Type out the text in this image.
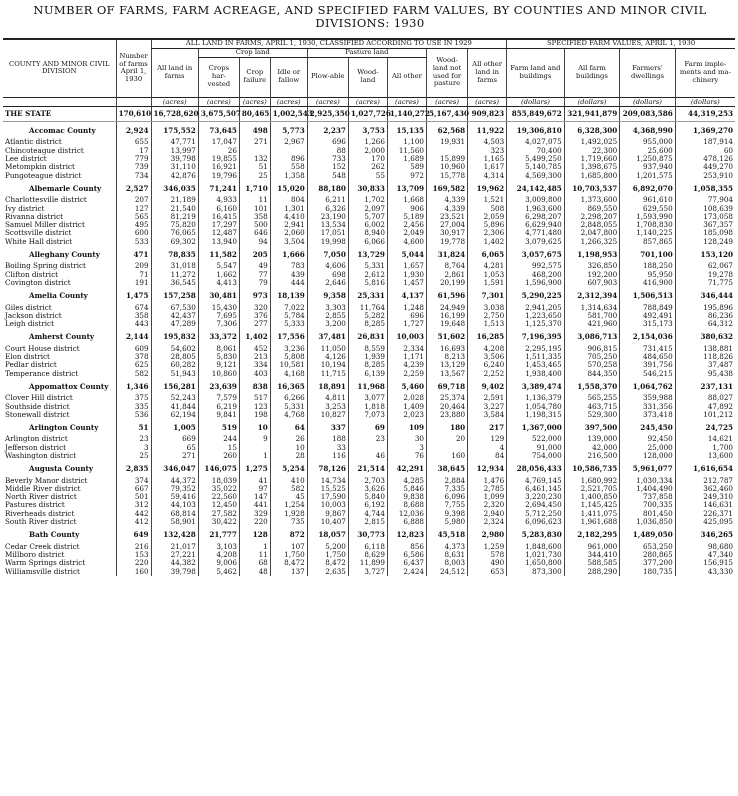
NUMBER OF FARMS, FARM ACREAGE, AND SPECIFIED FARM VALUES, BY COUNTIES AND MINOR CIVIL DIVISIONS: 1930
COUNTY AND MINOR CIVIL DIVISION	Number of farms April 1, 1930	ALL LAND IN FARMS, APRIL 1, 1930, CLASSIFIED ACCORDING TO USE IN 1929									SPECIFIED FARM VALUES, APRIL 1, 1930			
		All land in farms	Crop land			Pasture land			Wood-land not used for pasture	All other land in farms	Farm land and buildings	All farm buildings	Farmers' dwellings	Farm imple-ments and ma-chinery
			Crops har-vested	Crop failure	Idle or fallow	Plow-able	Wood-land	All other						
		(acres)	(acres)	(acres)	(acres)	(acres)	(acres)	(acres)	(acres)	(acres)	(dollars)	(dollars)	(dollars)	(dollars)
THE STATE	170,610	16,728,620	3,675,507	80,465	1,002,543	2,925,350	1,027,726	1,140,272	5,167,430	909,823	855,849,672	321,941,879	209,083,586	44,319,253
Accomac County	2,924	175,552	73,645	498	5,773	2,237	3,753	15,135	62,568	11,922	19,306,810	6,328,300	4,368,990	1,369,270
Atlantic district	655	47,771	17,047	271	2,967	696	1,266	1,100	19,931	4,503	4,027,075	1,492,025	955,000	187,914
Chincoteague district	17	13,997	26			88	2,000	11,560		323	70,400	22,300	25,600	60
Lee district	779	39,798	19,855	132	896	733	170	1,689	15,899	1,165	5,499,250	1,719,660	1,250,875	478,126
Metompkin district	739	31,110	16,921	51	558	152	262	589	10,960	1,617	5,140,785	1,398,675	937,940	449,270
Pungoteague district	734	42,876	19,796	25	1,358	548	55	972	15,778	4,314	4,569,300	1,685,800	1,201,575	253,910
Albemarle County	2,527	346,035	71,241	1,710	15,020	88,180	30,833	13,709	169,582	19,962	24,142,485	10,703,537	6,892,070	1,058,355
Charlottesville district	207	21,189	4,933	11	804	6,211	1,702	1,668	4,339	1,521	3,009,800	1,373,600	961,610	77,904
Ivy district	127	21,540	6,160	101	1,301	6,326	2,097	906	4,339	508	1,963,600	869,550	629,550	108,639
Rivanna district	565	81,219	16,415	358	4,410	23,190	5,707	5,189	23,521	2,059	6,298,207	2,298,207	1,593,990	173,058
Samuel Miller district	495	75,820	17,297	500	2,941	13,534	6,002	2,456	27,004	5,896	6,629,940	2,848,055	1,708,830	367,357
Scottsville district	600	76,065	12,487	646	2,060	17,051	8,940	2,049	30,917	2,306	4,771,480	2,047,800	1,140,225	185,098
White Hall district	533	69,302	13,940	94	3,504	19,998	6,066	4,600	19,778	1,402	3,079,625	1,266,325	857,865	128,249
Alleghany County	471	78,835	11,582	205	1,666	7,050	13,729	5,044	31,824	6,065	3,057,675	1,198,953	701,100	153,120
Boiling Spring district	209	31,018	5,547	49	783	4,606	5,331	1,657	8,764	4,281	992,575	326,850	188,250	62,067
Clifton district	71	11,272	1,662	77	439	698	2,612	1,930	2,861	1,053	468,200	192,200	95,950	19,278
Covington district	191	36,545	4,413	79	444	2,646	5,816	1,457	20,199	1,591	1,596,900	607,903	416,900	71,775
Amelia County	1,475	157,258	30,481	973	18,139	9,358	25,331	4,137	61,596	7,301	5,290,225	2,312,394	1,506,513	346,444
Giles district	674	67,530	15,430	320	7,022	3,303	11,764	1,248	24,949	3,038	2,941,205	1,314,634	788,849	195,896
Jackson district	358	42,437	7,695	376	5,784	2,855	5,282	696	16,199	2,750	1,223,650	581,700	492,491	86,236
Leigh district	443	47,289	7,306	277	5,333	3,200	8,285	1,727	19,648	1,513	1,125,370	421,960	315,173	64,312
Amherst County	2,144	195,832	33,372	1,402	17,556	37,481	26,831	10,003	51,602	16,285	7,196,395	3,086,713	2,154,036	380,632
Court House district	609	54,602	8,061	452	3,236	11,050	8,559	2,334	16,693	4,208	2,295,195	906,815	731,415	138,881
Elon district	378	28,805	5,830	213	5,808	4,126	1,939	1,171	8,213	3,506	1,511,335	705,250	484,650	118,826
Pedlar district	625	60,282	9,121	334	10,581	10,194	8,285	4,239	13,129	6,240	1,453,465	570,258	391,756	37,487
Temperance district	582	51,943	10,860	403	4,168	11,715	6,139	2,259	13,567	2,252	1,938,400	844,350	546,215	95,438
Appomattox County	1,346	156,281	23,639	838	16,365	18,891	11,968	5,460	69,718	9,402	3,389,474	1,558,370	1,064,762	237,131
Clover Hill district	375	52,243	7,579	517	6,266	4,811	3,077	2,028	25,374	2,591	1,136,379	565,255	359,988	88,027
Southside district	335	41,844	6,219	123	5,331	3,253	1,818	1,409	20,464	3,227	1,054,780	463,715	331,356	47,892
Stonewall district	536	62,194	9,841	198	4,768	10,827	7,073	2,023	23,880	3,584	1,198,315	529,300	373,418	101,212
Arlington County	51	1,005	519	10	64	337	69	109	180	217	1,367,000	397,500	245,450	24,725
Arlington district	23	669	244	9	26	188	23	30	20	129	522,000	139,000	92,450	14,621
Jefferson district	3	65	15		10	33		3		4	91,000	42,000	25,000	1,700
Washington district	25	271	260	1	28	116	46	76	160	84	754,000	216,500	128,000	13,600
Augusta County	2,835	346,047	146,075	1,275	5,254	78,126	21,514	42,291	38,645	12,934	28,056,433	10,586,735	5,961,077	1,616,654
Beverly Manor district	374	44,372	18,039	41	410	14,734	2,703	4,285	2,884	1,476	4,769,145	1,680,992	1,030,334	212,787
Middle River district	667	79,352	35,022	97	582	15,525	3,626	5,846	7,335	2,785	6,461,145	2,521,705	1,404,490	362,460
North River district	501	59,416	22,560	147	45	17,590	5,840	9,838	6,096	1,099	3,220,230	1,400,850	737,858	249,310
Pastures district	312	44,103	12,450	441	1,254	10,003	6,192	8,688	7,755	2,320	2,694,450	1,145,425	700,335	146,631
Riverheads district	442	68,814	27,582	329	1,928	9,867	4,744	12,036	9,398	2,940	5,712,250	1,411,075	801,450	226,371
South River district	412	58,901	30,422	220	735	10,407	2,815	6,888	5,980	2,324	6,096,623	1,961,688	1,036,850	425,095
Bath County	649	132,428	21,777	128	872	18,057	30,773	12,823	45,518	2,980	5,283,830	2,182,295	1,489,050	346,265
Cedar Creek district	216	21,017	3,103	1	107	5,200	6,118	856	4,373	1,259	1,848,600	961,000	653,250	98,680
Millboro district	153	27,221	4,208	11	1,750	1,750	8,629	6,586	8,631	578	1,021,730	344,410	280,865	47,340
Warm Springs district	220	44,382	9,006	68	8,472	8,472	11,899	6,437	8,003	490	1,650,800	588,585	377,200	156,915
Williamsville district	160	39,798	5,462	48	137	2,635	3,727	2,424	24,512	653	873,300	288,290	180,735	43,330
